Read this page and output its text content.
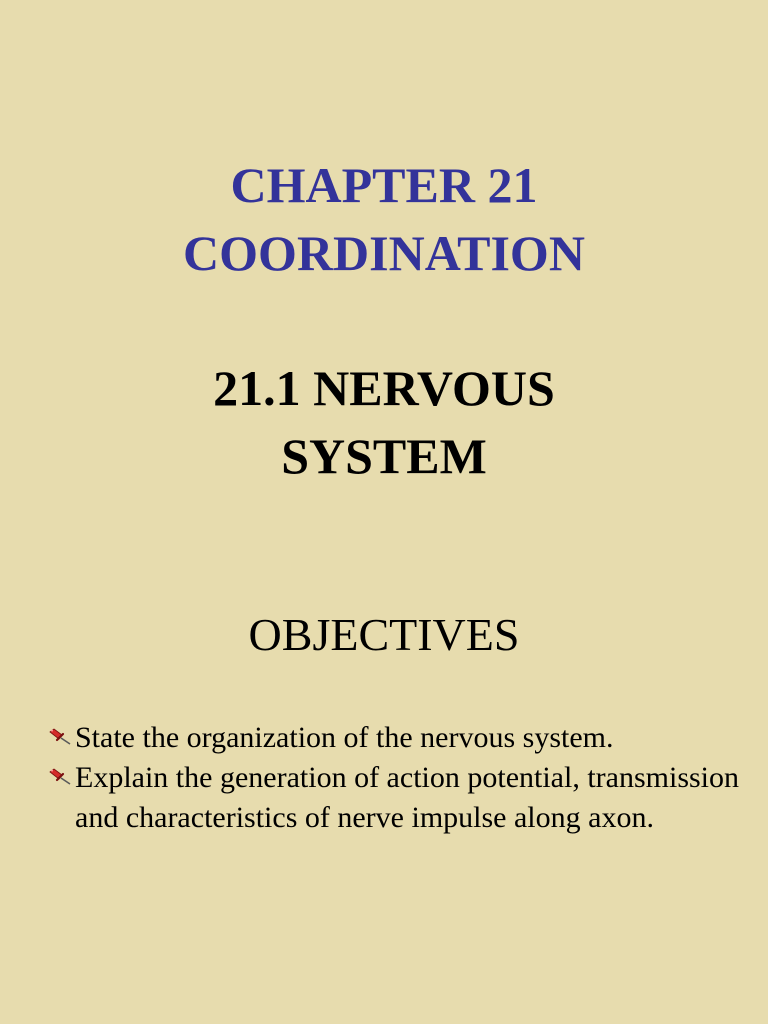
CHAPTER 21
COORDINATION
21.1 NERVOUS
SYSTEM
OBJECTIVES
State the organization of the nervous system.
Explain the generation of action potential, transmission and characteristics of nerve impulse along axon.
